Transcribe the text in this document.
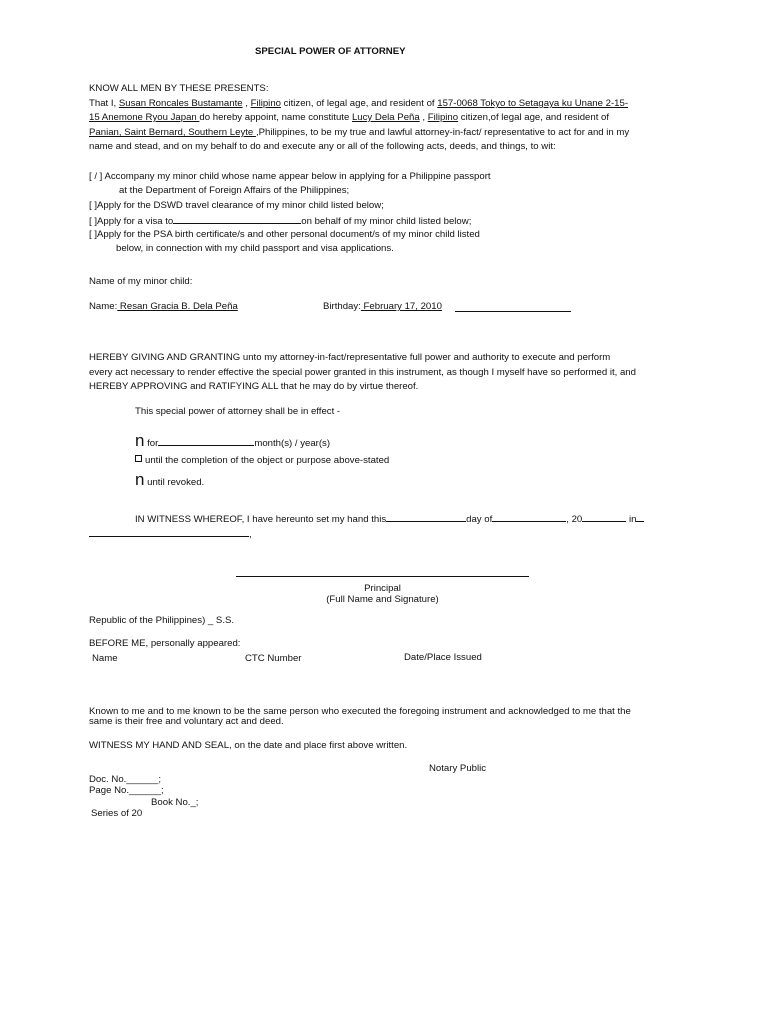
SPECIAL POWER OF ATTORNEY
KNOW ALL MEN BY THESE PRESENTS:
That I, Susan Roncales Bustamante , Filipino citizen, of legal age, and resident of 157-0068 Tokyo to Setagaya ku Unane 2-15-
15 Anemone Ryou Japan do hereby appoint, name constitute Lucy Dela Peña , Filipino citizen,of legal age, and resident of
Panian, Saint Bernard, Southern Leyte ,Philippines, to be my true and lawful attorney-in-fact/ representative to act for and in my
name and stead, and on my behalf to do and execute any or all of the following acts, deeds, and things, to wit:
[ / ] Accompany my minor child whose name appear below in applying for a Philippine passport
at the Department of Foreign Affairs of the Philippines;
[ ]Apply for the DSWD travel clearance of my minor child listed below;
[ ]Apply for a visa to	on behalf of my minor child listed below;
[ ]Apply for the PSA birth certificate/s and other personal document/s of my minor child listed
below, in connection with my child passport and visa applications.
Name of my minor child:
Name: Resan Gracia B. Dela Peña	Birthday: February 17, 2010
HEREBY GIVING AND GRANTING unto my attorney-in-fact/representative full power and authority to execute and perform
every act necessary to render effective the special power granted in this instrument, as though I myself have so performed it, and
HEREBY APPROVING and RATIFYING ALL that he may do by virtue thereof.
This special power of attorney shall be in effect -
n for	month(s) / year(s)
until the completion of the object or purpose above-stated
n until revoked.
IN WITNESS WHEREOF, I have hereunto set my hand this	day of	, 20	in
,
Principal
(Full Name and Signature)
Republic of the Philippines) _ S.S.
BEFORE ME, personally appeared:
Name	CTC Number	Date/Place Issued
Known to me and to me known to be the same person who executed the foregoing instrument and acknowledged to me that the
same is their free and voluntary act and deed.
WITNESS MY HAND AND SEAL, on the date and place first above written.
Notary Public
Doc. No.______;
Page No.______;
Book No._;
Series of 20
